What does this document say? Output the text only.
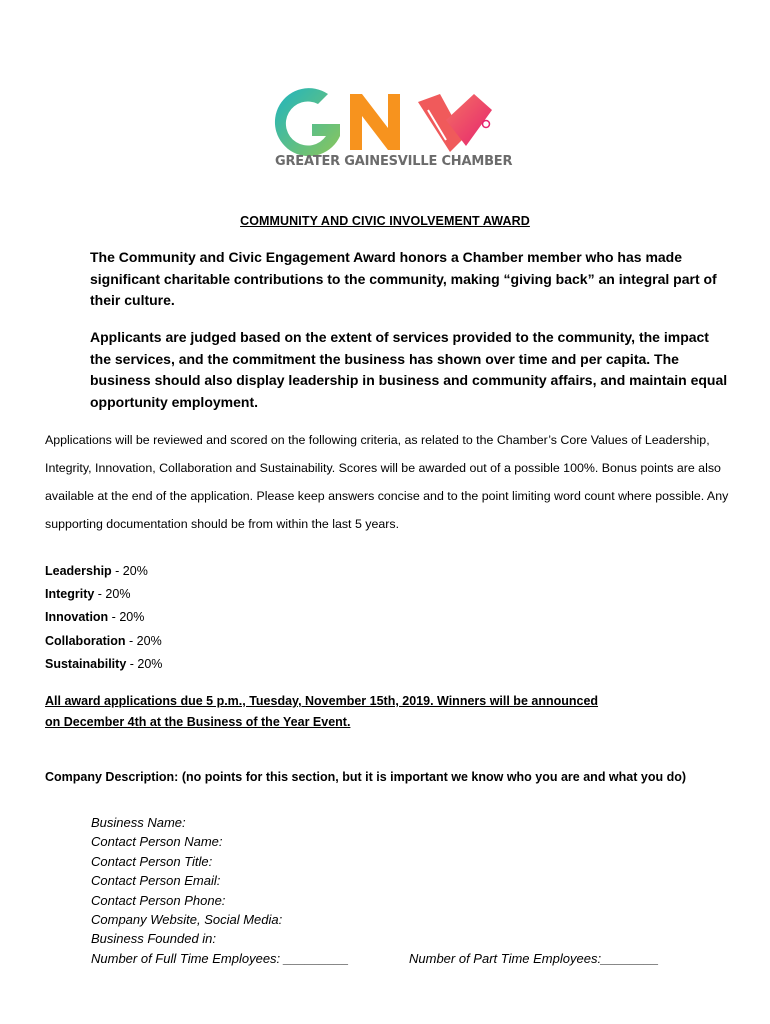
GREATER GAINESVILLE CHAMBER
COMMUNITY AND CIVIC INVOLVEMENT AWARD
The Community and Civic Engagement Award honors a Chamber member who has made significant charitable contributions to the community, making “giving back” an integral part of their culture.
Applicants are judged based on the extent of services provided to the community, the impact the services, and the commitment the business has shown over time and per capita. The business should also display leadership in business and community affairs, and maintain equal opportunity employment.
Applications will be reviewed and scored on the following criteria, as related to the Chamber’s Core Values of Leadership, Integrity, Innovation, Collaboration and Sustainability. Scores will be awarded out of a possible 100%. Bonus points are also available at the end of the application. Please keep answers concise and to the point limiting word count where possible. Any supporting documentation should be from within the last 5 years.
Leadership - 20%
Integrity - 20%
Innovation - 20%
Collaboration - 20%
Sustainability - 20%
All award applications due 5 p.m., Tuesday, November 15th, 2019. Winners will be announced
on December 4th at the Business of the Year Event.
Company Description: (no points for this section, but it is important we know who you are and what you do)
Business Name:
Contact Person Name:
Contact Person Title:
Contact Person Email:
Contact Person Phone:
Company Website, Social Media:
Business Founded in:
Number of Full Time Employees: _________	Number of Part Time Employees:________
